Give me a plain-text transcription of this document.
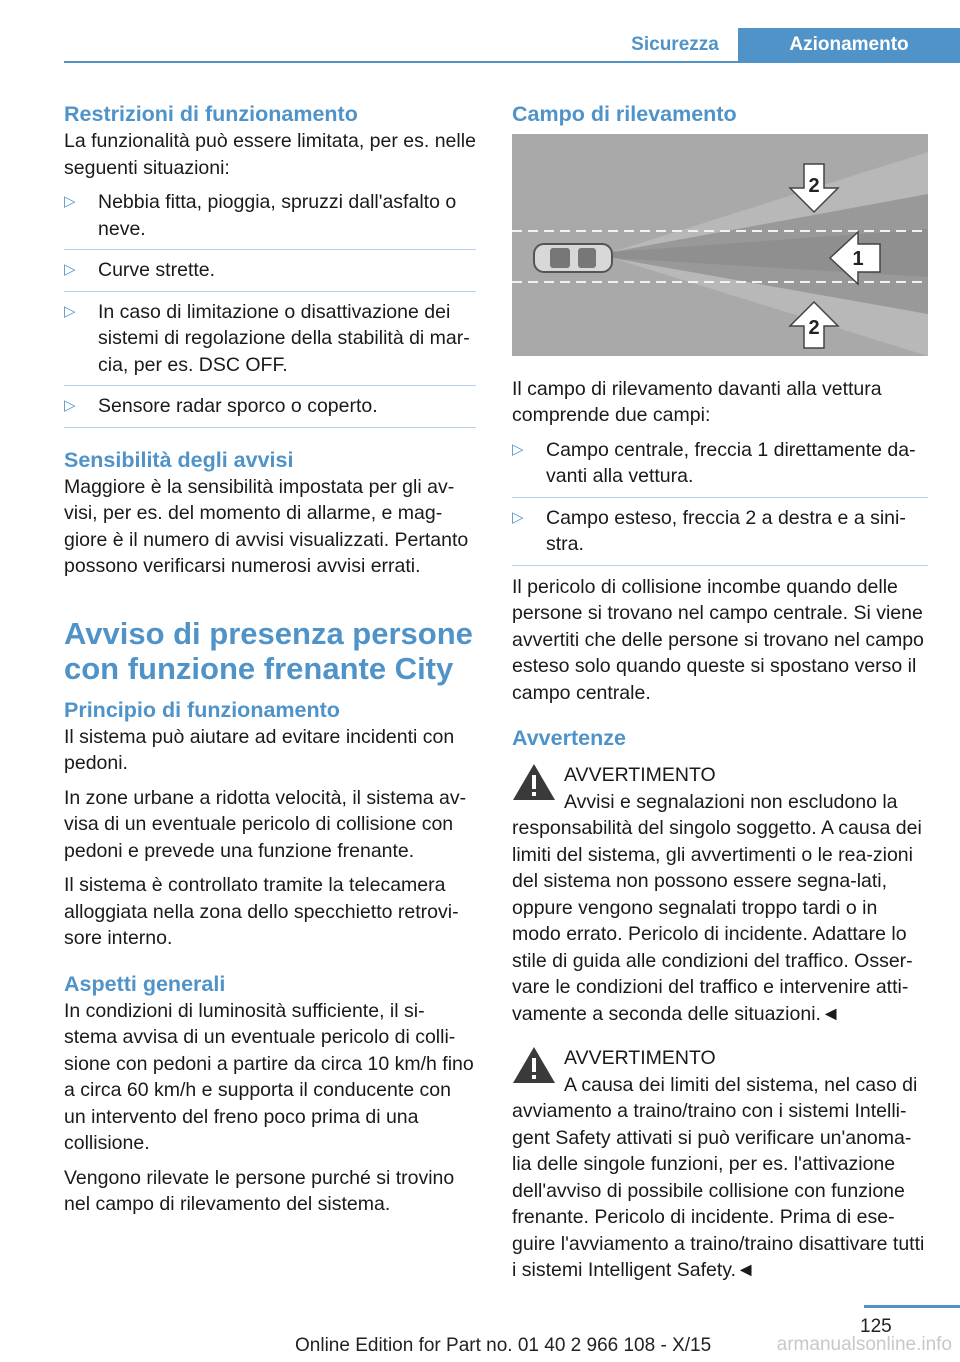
Sicurezza	Azionamento
Restrizioni di funzionamento

La funzionalità può essere limitata, per es. nelle seguenti situazioni:

▷ Nebbia fitta, pioggia, spruzzi dall'asfalto o neve.
▷ Curve strette.
▷ In caso di limitazione o disattivazione dei sistemi di regolazione della stabilità di mar-cia, per es. DSC OFF.
▷ Sensore radar sporco o coperto.
Sensibilità degli avvisi

Maggiore è la sensibilità impostata per gli av-visi, per es. del momento di allarme, e mag-giore è il numero di avvisi visualizzati. Pertanto possono verificarsi numerosi avvisi errati.

Avviso di presenza persone con funzione frenante City
Principio di funzionamento

Il sistema può aiutare ad evitare incidenti con pedoni.

In zone urbane a ridotta velocità, il sistema av-visa di un eventuale pericolo di collisione con pedoni e prevede una funzione frenante.

Il sistema è controllato tramite la telecamera alloggiata nella zona dello specchietto retrovi-sore interno.

Aspetti generali

In condizioni di luminosità sufficiente, il si-stema avvisa di un eventuale pericolo di colli-sione con pedoni a partire da circa 10 km/h fino a circa 60 km/h e supporta il conducente con un intervento del freno poco prima di una collisione.

Vengono rilevate le persone purché si trovino nel campo di rilevamento del sistema.

Campo di rilevamento
1
2
2

Il campo di rilevamento davanti alla vettura comprende due campi:

▷ Campo centrale, freccia 1 direttamente da-vanti alla vettura.
▷ Campo esteso, freccia 2 a destra e a sini-stra.

Il pericolo di collisione incombe quando delle persone si trovano nel campo centrale. Si viene avvertiti che delle persone si trovano nel campo esteso solo quando queste si spostano verso il campo centrale.

Avvertenze
AVVERTIMENTO
Avvisi e segnalazioni non escludono la
responsabilità del singolo soggetto. A causa dei limiti del sistema, gli avvertimenti o le rea-zioni del sistema non possono essere segna-lati, oppure vengono segnalati troppo tardi o in modo errato. Pericolo di incidente. Adattare lo stile di guida alle condizioni del traffico. Osser-vare le condizioni del traffico e intervenire atti-vamente a seconda delle situazioni.◄
AVVERTIMENTO
A causa dei limiti del sistema, nel caso di
avviamento a traino/traino con i sistemi Intelli-gent Safety attivati si può verificare un'anoma-lia delle singole funzioni, per es. l'attivazione dell'avviso di possibile collisione con funzione frenante. Pericolo di incidente. Prima di ese-guire l'avviamento a traino/traino disattivare tutti i sistemi Intelligent Safety.◄
125
Online Edition for Part no. 01 40 2 966 108 - X/15	armanualsonline.info
